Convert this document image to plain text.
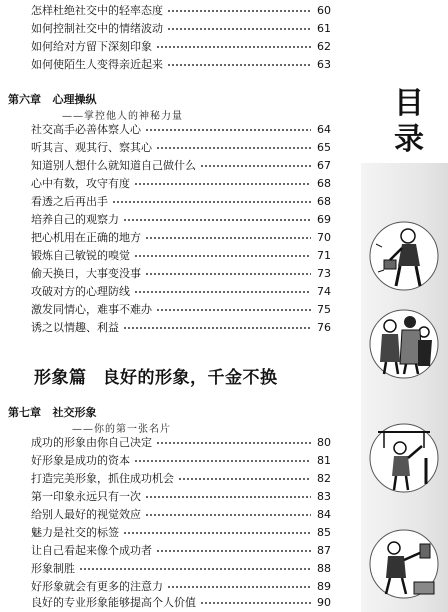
怎样杜绝社交中的轻率态度	60
如何控制社交中的情绪波动	61
如何给对方留下深刻印象	62
如何使陌生人变得亲近起来	63
第六章 心理操纵
——掌控他人的神秘力量
社交高手必善体察人心	64
听其言、观其行、察其心	65
知道别人想什么就知道自己做什么	67
心中有数，攻守有度	68
看透之后再出手	68
培养自己的观察力	69
把心机用在正确的地方	70
锻炼自己敏锐的嗅觉	71
偷天换日，大事变没事	73
攻破对方的心理防线	74
激发同情心，难事不难办	75
诱之以情趣、利益	76
形象篇 良好的形象，千金不换
第七章 社交形象
——你的第一张名片
成功的形象由你自己决定	80
好形象是成功的资本	81
打造完美形象，抓住成功机会	82
第一印象永远只有一次	83
给别人最好的视觉效应	84
魅力是社交的标签	85
让自己看起来像个成功者	87
形象制胜	88
好形象就会有更多的注意力	89
良好的专业形象能够提高个人价值	90
目
录
